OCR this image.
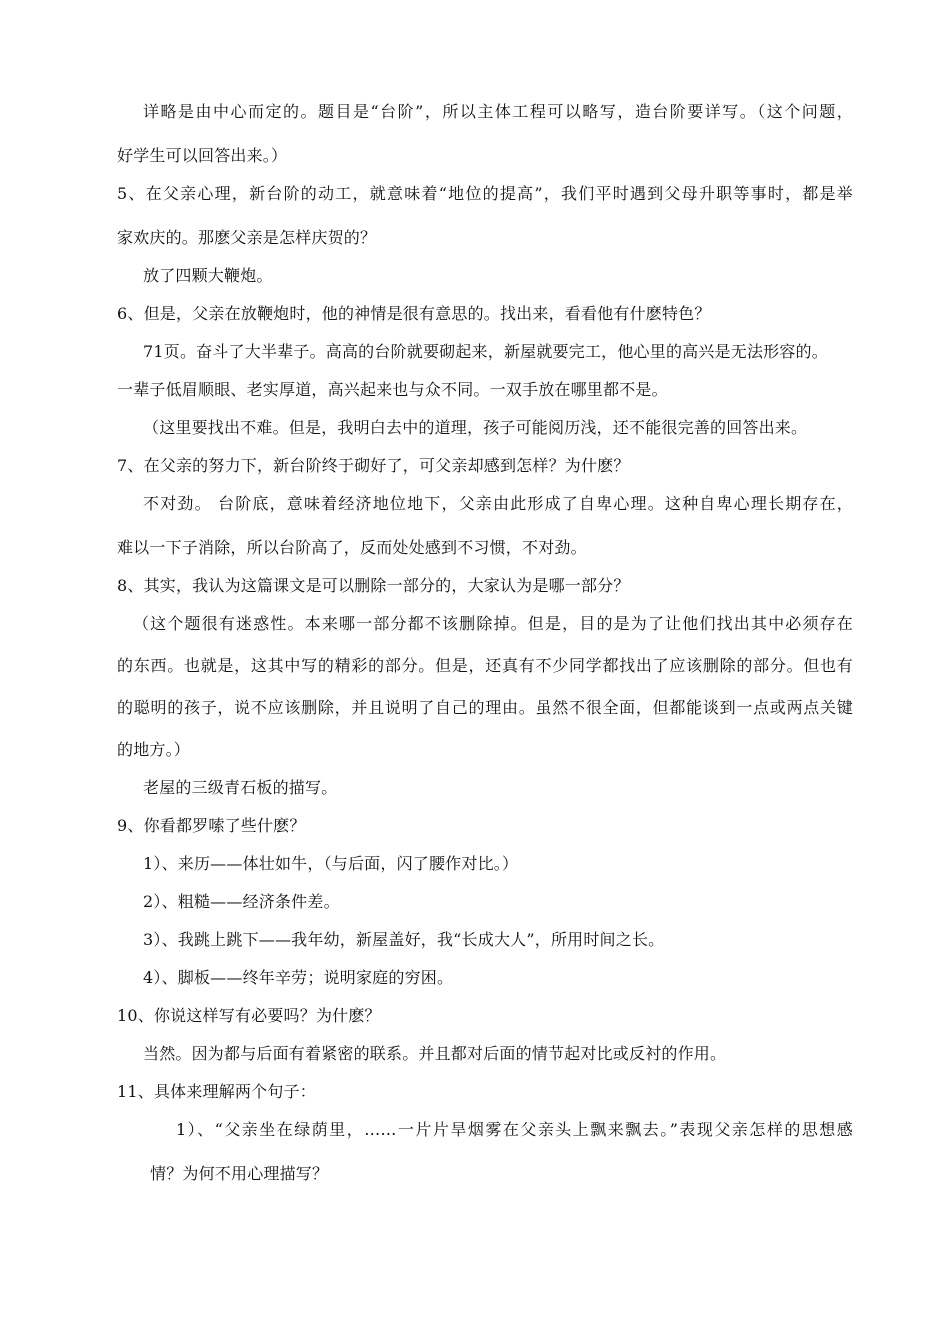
详略是由中心而定的。题目是“台阶”，所以主体工程可以略写，造台阶要详写。（这个问题，
好学生可以回答出来。）
5、在父亲心理，新台阶的动工，就意味着“地位的提高”，我们平时遇到父母升职等事时，都是举
家欢庆的。那麽父亲是怎样庆贺的？
放了四颗大鞭炮。
6、但是，父亲在放鞭炮时，他的神情是很有意思的。找出来，看看他有什麽特色？
71页。奋斗了大半辈子。高高的台阶就要砌起来，新屋就要完工，他心里的高兴是无法形容的。
一辈子低眉顺眼、老实厚道，高兴起来也与众不同。一双手放在哪里都不是。
（这里要找出不难。但是，我明白去中的道理，孩子可能阅历浅，还不能很完善的回答出来。
7、在父亲的努力下，新台阶终于砌好了，可父亲却感到怎样？为什麽？
不对劲。 台阶底，意味着经济地位地下，父亲由此形成了自卑心理。这种自卑心理长期存在，
难以一下子消除，所以台阶高了，反而处处感到不习惯，不对劲。
8、其实，我认为这篇课文是可以删除一部分的，大家认为是哪一部分？
（这个题很有迷惑性。本来哪一部分都不该删除掉。但是，目的是为了让他们找出其中必须存在
的东西。也就是，这其中写的精彩的部分。但是，还真有不少同学都找出了应该删除的部分。但也有
的聪明的孩子，说不应该删除，并且说明了自己的理由。虽然不很全面，但都能谈到一点或两点关键
的地方。）
老屋的三级青石板的描写。
9、你看都罗嗦了些什麽？
1）、来历——体壮如牛，（与后面，闪了腰作对比。）
2）、粗糙——经济条件差。
3）、我跳上跳下——我年幼，新屋盖好，我“长成大人”，所用时间之长。
4）、脚板——终年辛劳；说明家庭的穷困。
10、你说这样写有必要吗？为什麽？
当然。因为都与后面有着紧密的联系。并且都对后面的情节起对比或反衬的作用。
11、具体来理解两个句子：
1）、“父亲坐在绿荫里，……一片片旱烟雾在父亲头上飘来飘去。”表现父亲怎样的思想感
情？为何不用心理描写？
